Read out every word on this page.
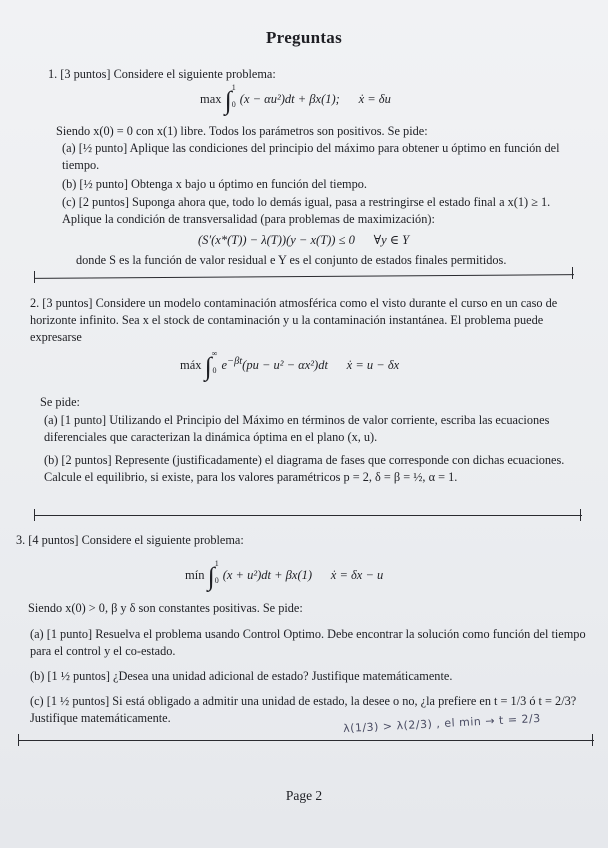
Preguntas
1. [3 puntos] Considere el siguiente problema:
max ∫$^1_0$ (x − αu²)dt + βx(1);      ẋ = δu
Siendo x(0) = 0 con x(1) libre. Todos los parámetros son positivos. Se pide:
(a) [½ punto] Aplique las condiciones del principio del máximo para obtener u óptimo en función del tiempo.
(b) [½ punto] Obtenga x bajo u óptimo en función del tiempo.
(c) [2 puntos] Suponga ahora que, todo lo demás igual, pasa a restringirse el estado final a x(1) ≥ 1. Aplique la condición de transversalidad (para problemas de maximización):
(S′(x*(T)) − λ(T))(y − x(T)) ≤ 0      ∀y ∈ Y
donde S es la función de valor residual e Y es el conjunto de estados finales permitidos.
2. [3 puntos] Considere un modelo contaminación atmosférica como el visto durante el curso en un caso de horizonte infinito. Sea x el stock de contaminación y u la contaminación instantánea. El problema puede expresarse
máx $\int^\infty_0$ $e^{-\beta t}(pu - u^2 - \alpha x^2)dt$      ẋ = u − δx
Se pide:
(a) [1 punto] Utilizando el Principio del Máximo en términos de valor corriente, escriba las ecuaciones diferenciales que caracterizan la dinámica óptima en el plano (x, u).
(b) [2 puntos] Represente (justificadamente) el diagrama de fases que corresponde con dichas ecuaciones. Calcule el equilibrio, si existe, para los valores paramétricos p = 2, δ = β = ½, α = 1.
3. [4 puntos] Considere el siguiente problema:
mín ∫$^1_0$ (x + u²)dt + βx(1)      ẋ = δx − u
Siendo x(0) > 0, β y δ son constantes positivas. Se pide:
(a) [1 punto] Resuelva el problema usando Control Optimo. Debe encontrar la solución como función del tiempo para el control y el co-estado.
(b) [1 ½ puntos] ¿Desea una unidad adicional de estado? Justifique matemáticamente.
(c) [1 ½ puntos] Si está obligado a admitir una unidad de estado, la desee o no, ¿la prefiere en t = 1/3 ó t = 2/3? Justifique matemáticamente.	λ(1/3) > λ(2/3) , el min → t = 2/3
Page 2
